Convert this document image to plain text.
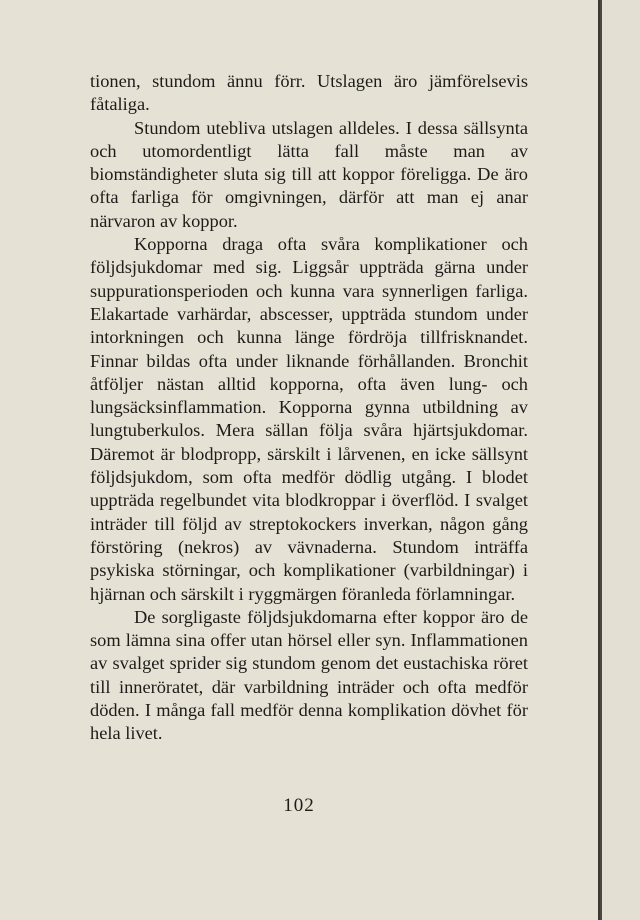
tionen, stundom ännu förr. Utslagen äro jämförelsevis fåtaliga.

Stundom utebliva utslagen alldeles. I dessa sällsynta och utomordentligt lätta fall måste man av biomständigheter sluta sig till att koppor föreligga. De äro ofta farliga för omgivningen, därför att man ej anar närvaron av koppor.

Kopporna draga ofta svåra komplikationer och följdsjukdomar med sig. Liggsår uppträda gärna under suppurationsperioden och kunna vara synnerligen farliga. Elakartade varhärdar, abscesser, uppträda stundom under intorkningen och kunna länge fördröja tillfrisknandet. Finnar bildas ofta under liknande förhållanden. Bronchit åtföljer nästan alltid kopporna, ofta även lung- och lungsäcksinflammation. Kopporna gynna utbildning av lungtuberkulos. Mera sällan följa svåra hjärtsjukdomar. Däremot är blodpropp, särskilt i lårvenen, en icke sällsynt följdsjukdom, som ofta medför dödlig utgång. I blodet uppträda regelbundet vita blodkroppar i överflöd. I svalget inträder till följd av streptokockers inverkan, någon gång förstöring (nekros) av vävnaderna. Stundom inträffa psykiska störningar, och komplikationer (varbildningar) i hjärnan och särskilt i ryggmärgen föranleda förlamningar.

De sorgligaste följdsjukdomarna efter koppor äro de som lämna sina offer utan hörsel eller syn. Inflammationen av svalget sprider sig stundom genom det eustachiska röret till inneröratet, där varbildning inträder och ofta medför döden. I många fall medför denna komplikation dövhet för hela livet.

102
